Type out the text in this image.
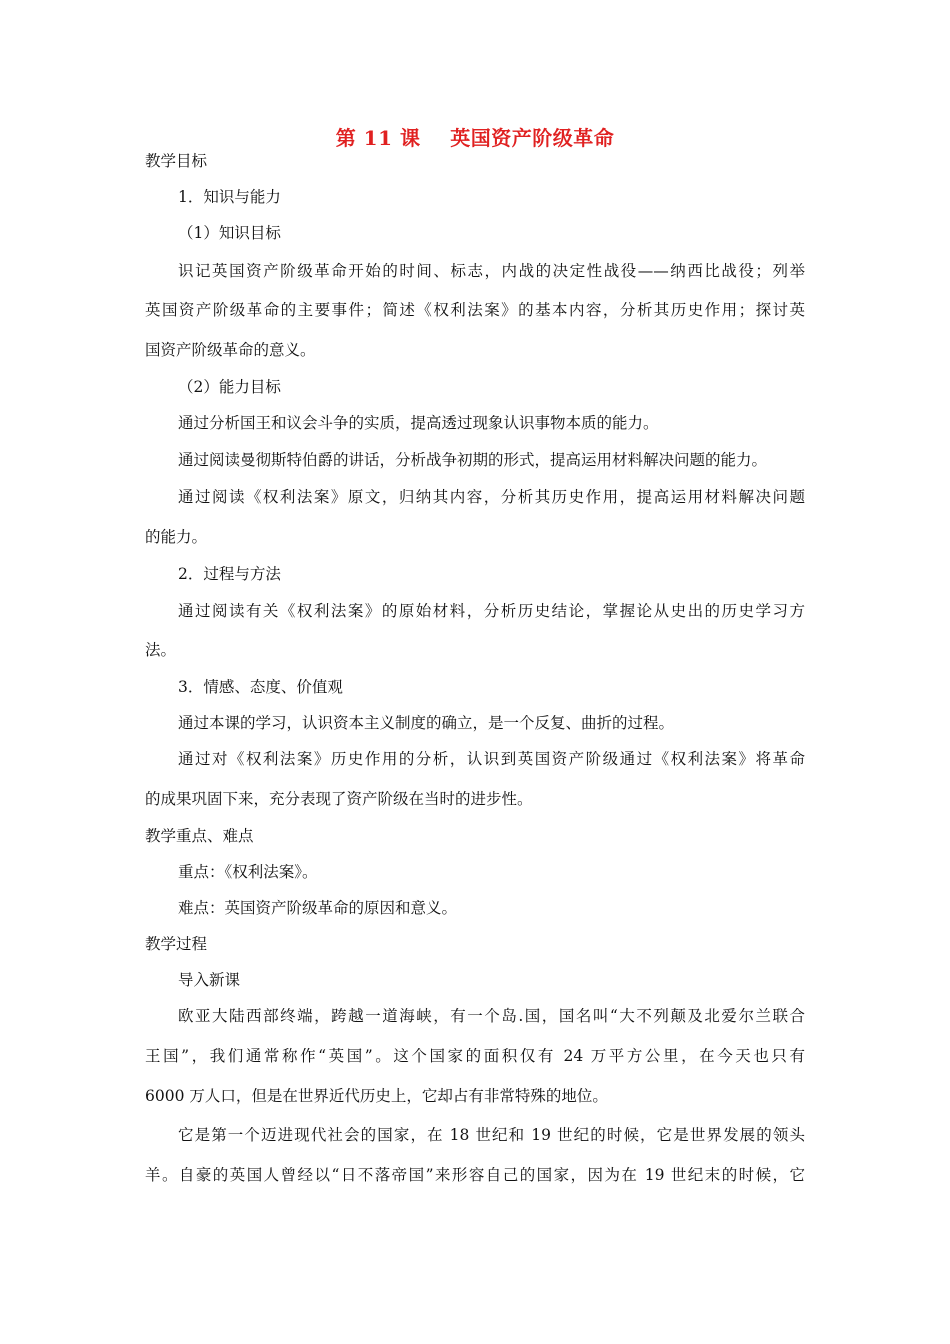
第 11 课    英国资产阶级革命
教学目标
1．知识与能力
（1）知识目标
识记英国资产阶级革命开始的时间、标志，内战的决定性战役——纳西比战役；列举
英国资产阶级革命的主要事件；简述《权利法案》的基本内容，分析其历史作用；探讨英
国资产阶级革命的意义。
（2）能力目标
通过分析国王和议会斗争的实质，提高透过现象认识事物本质的能力。
通过阅读曼彻斯特伯爵的讲话，分析战争初期的形式，提高运用材料解决问题的能力。
通过阅读《权利法案》原文，归纳其内容，分析其历史作用，提高运用材料解决问题
的能力。
2．过程与方法
通过阅读有关《权利法案》的原始材料，分析历史结论，掌握论从史出的历史学习方
法。
3．情感、态度、价值观
通过本课的学习，认识资本主义制度的确立，是一个反复、曲折的过程。
通过对《权利法案》历史作用的分析，认识到英国资产阶级通过《权利法案》将革命
的成果巩固下来，充分表现了资产阶级在当时的进步性。
教学重点、难点
重点：《权利法案》。
难点：英国资产阶级革命的原因和意义。
教学过程
导入新课
欧亚大陆西部终端，跨越一道海峡，有一个岛.国，国名叫“大不列颠及北爱尔兰联合
王国”，我们通常称作“英国”。这个国家的面积仅有 24 万平方公里，在今天也只有
6000 万人口，但是在世界近代历史上，它却占有非常特殊的地位。
它是第一个迈进现代社会的国家，在 18 世纪和 19 世纪的时候，它是世界发展的领头
羊。自豪的英国人曾经以“日不落帝国”来形容自己的国家，因为在 19 世纪末的时候，它
